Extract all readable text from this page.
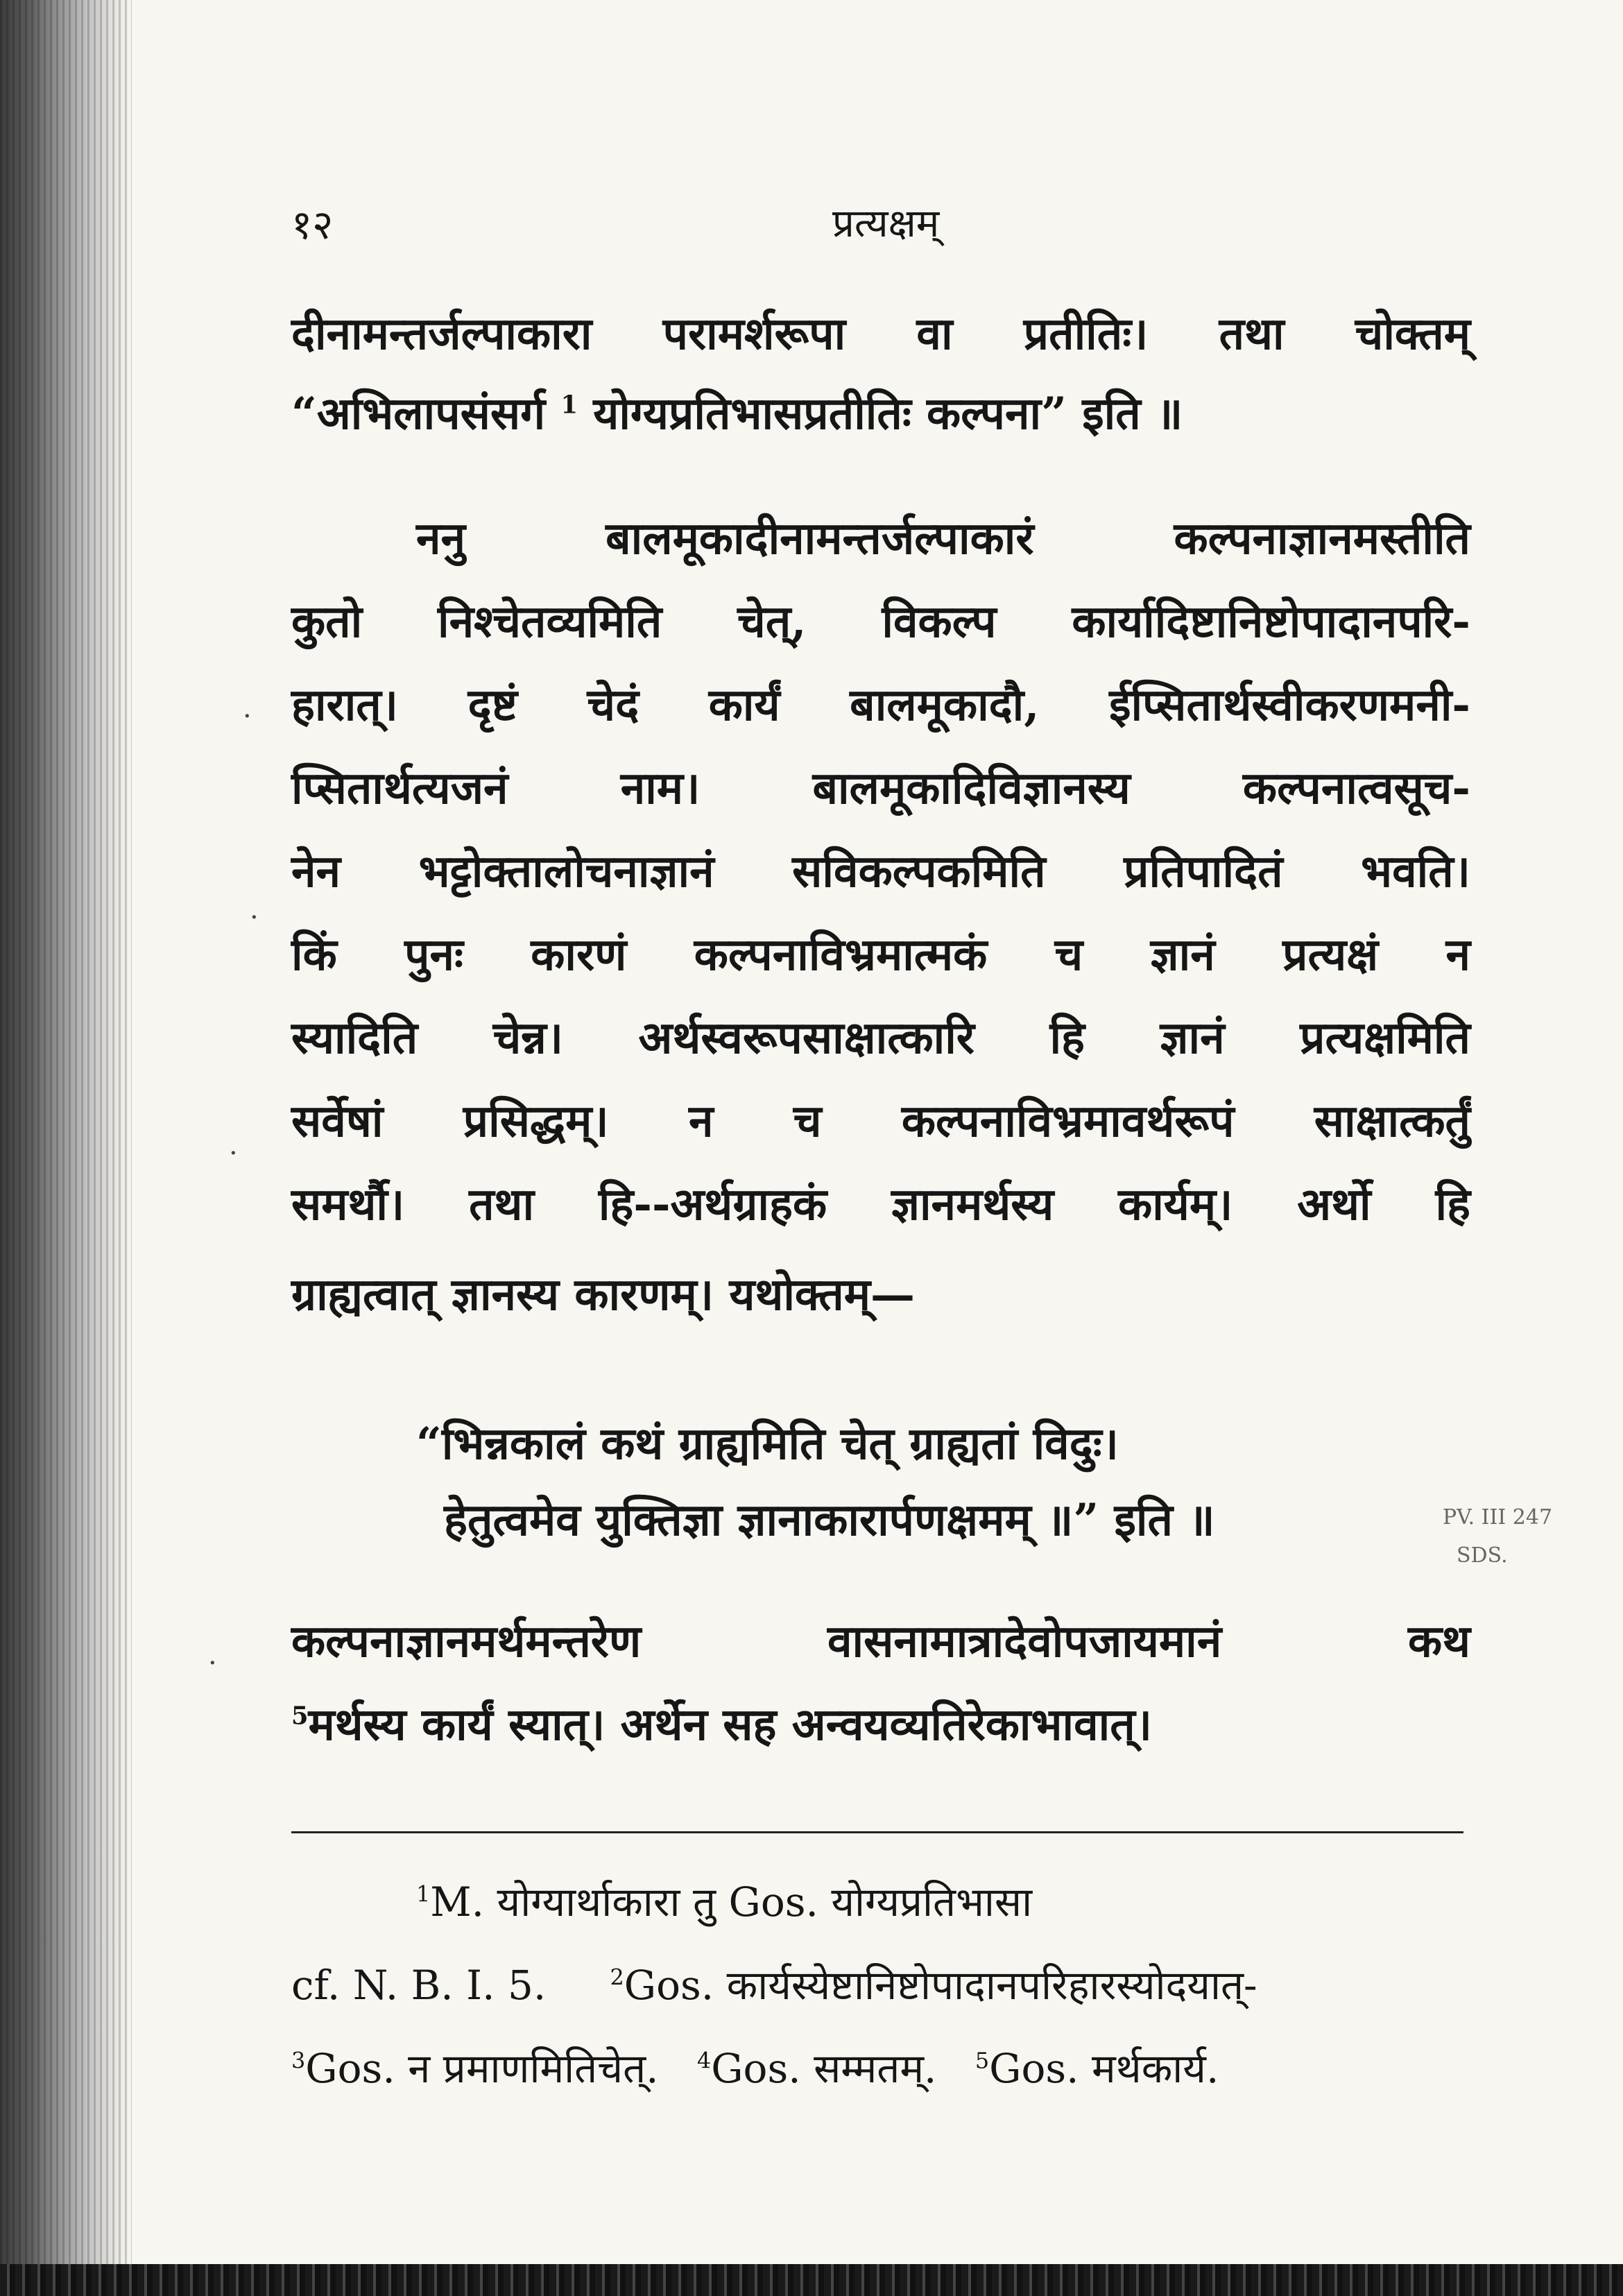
१२	प्रत्यक्षम्
दीनामन्तर्जल्पाकारा परामर्शरूपा वा प्रतीतिः। तथा चोक्तम्
“अभिलापसंसर्ग $^1$ योग्यप्रतिभासप्रतीतिः कल्पना” इति ॥
ननु बालमूकादीनामन्तर्जल्पाकारं कल्पनाज्ञानमस्तीति
कुतो निश्चेतव्यमिति चेत्, विकल्प कार्यादिष्टानिष्टोपादानपरि-
हारात्। दृष्टं चेदं कार्यं बालमूकादौ, ईप्सितार्थस्वीकरणमनी-
प्सितार्थत्यजनं नाम। बालमूकादिविज्ञानस्य कल्पनात्वसूच-
नेन भट्टोक्तालोचनाज्ञानं सविकल्पकमिति प्रतिपादितं भवति।
किं पुनः कारणं कल्पनाविभ्रमात्मकं च ज्ञानं प्रत्यक्षं न
स्यादिति चेन्न। अर्थस्वरूपसाक्षात्कारि हि ज्ञानं प्रत्यक्षमिति
सर्वेषां प्रसिद्धम्। न च कल्पनाविभ्रमावर्थरूपं साक्षात्कर्तुं
समर्थौ। तथा हि--अर्थग्राहकं ज्ञानमर्थस्य कार्यम्। अर्थो हि
ग्राह्यत्वात् ज्ञानस्य कारणम्। यथोक्तम्—
“भिन्नकालं कथं ग्राह्यमिति चेत् ग्राह्यतां विदुः।
हेतुत्वमेव युक्तिज्ञा ज्ञानाकारार्पणक्षमम् ॥” इति ॥
कल्पनाज्ञानमर्थमन्तरेण वासनामात्रादेवोपजायमानं कथ
$^5$मर्थस्य कार्यं स्यात्। अर्थेन सह अन्वयव्यतिरेकाभावात्।
$^1$M. योग्यार्थाकारा तु Gos. योग्यप्रतिभासा
cf. N. B. I. 5.	$^2$Gos. कार्यस्येष्टानिष्टोपादानपरिहारस्योदयात्-
$^3$Gos. न प्रमाणमितिचेत्. $^4$Gos. सम्मतम्. $^5$Gos. मर्थकार्य.
PV. III 247
SDS.
·
·
·
·
